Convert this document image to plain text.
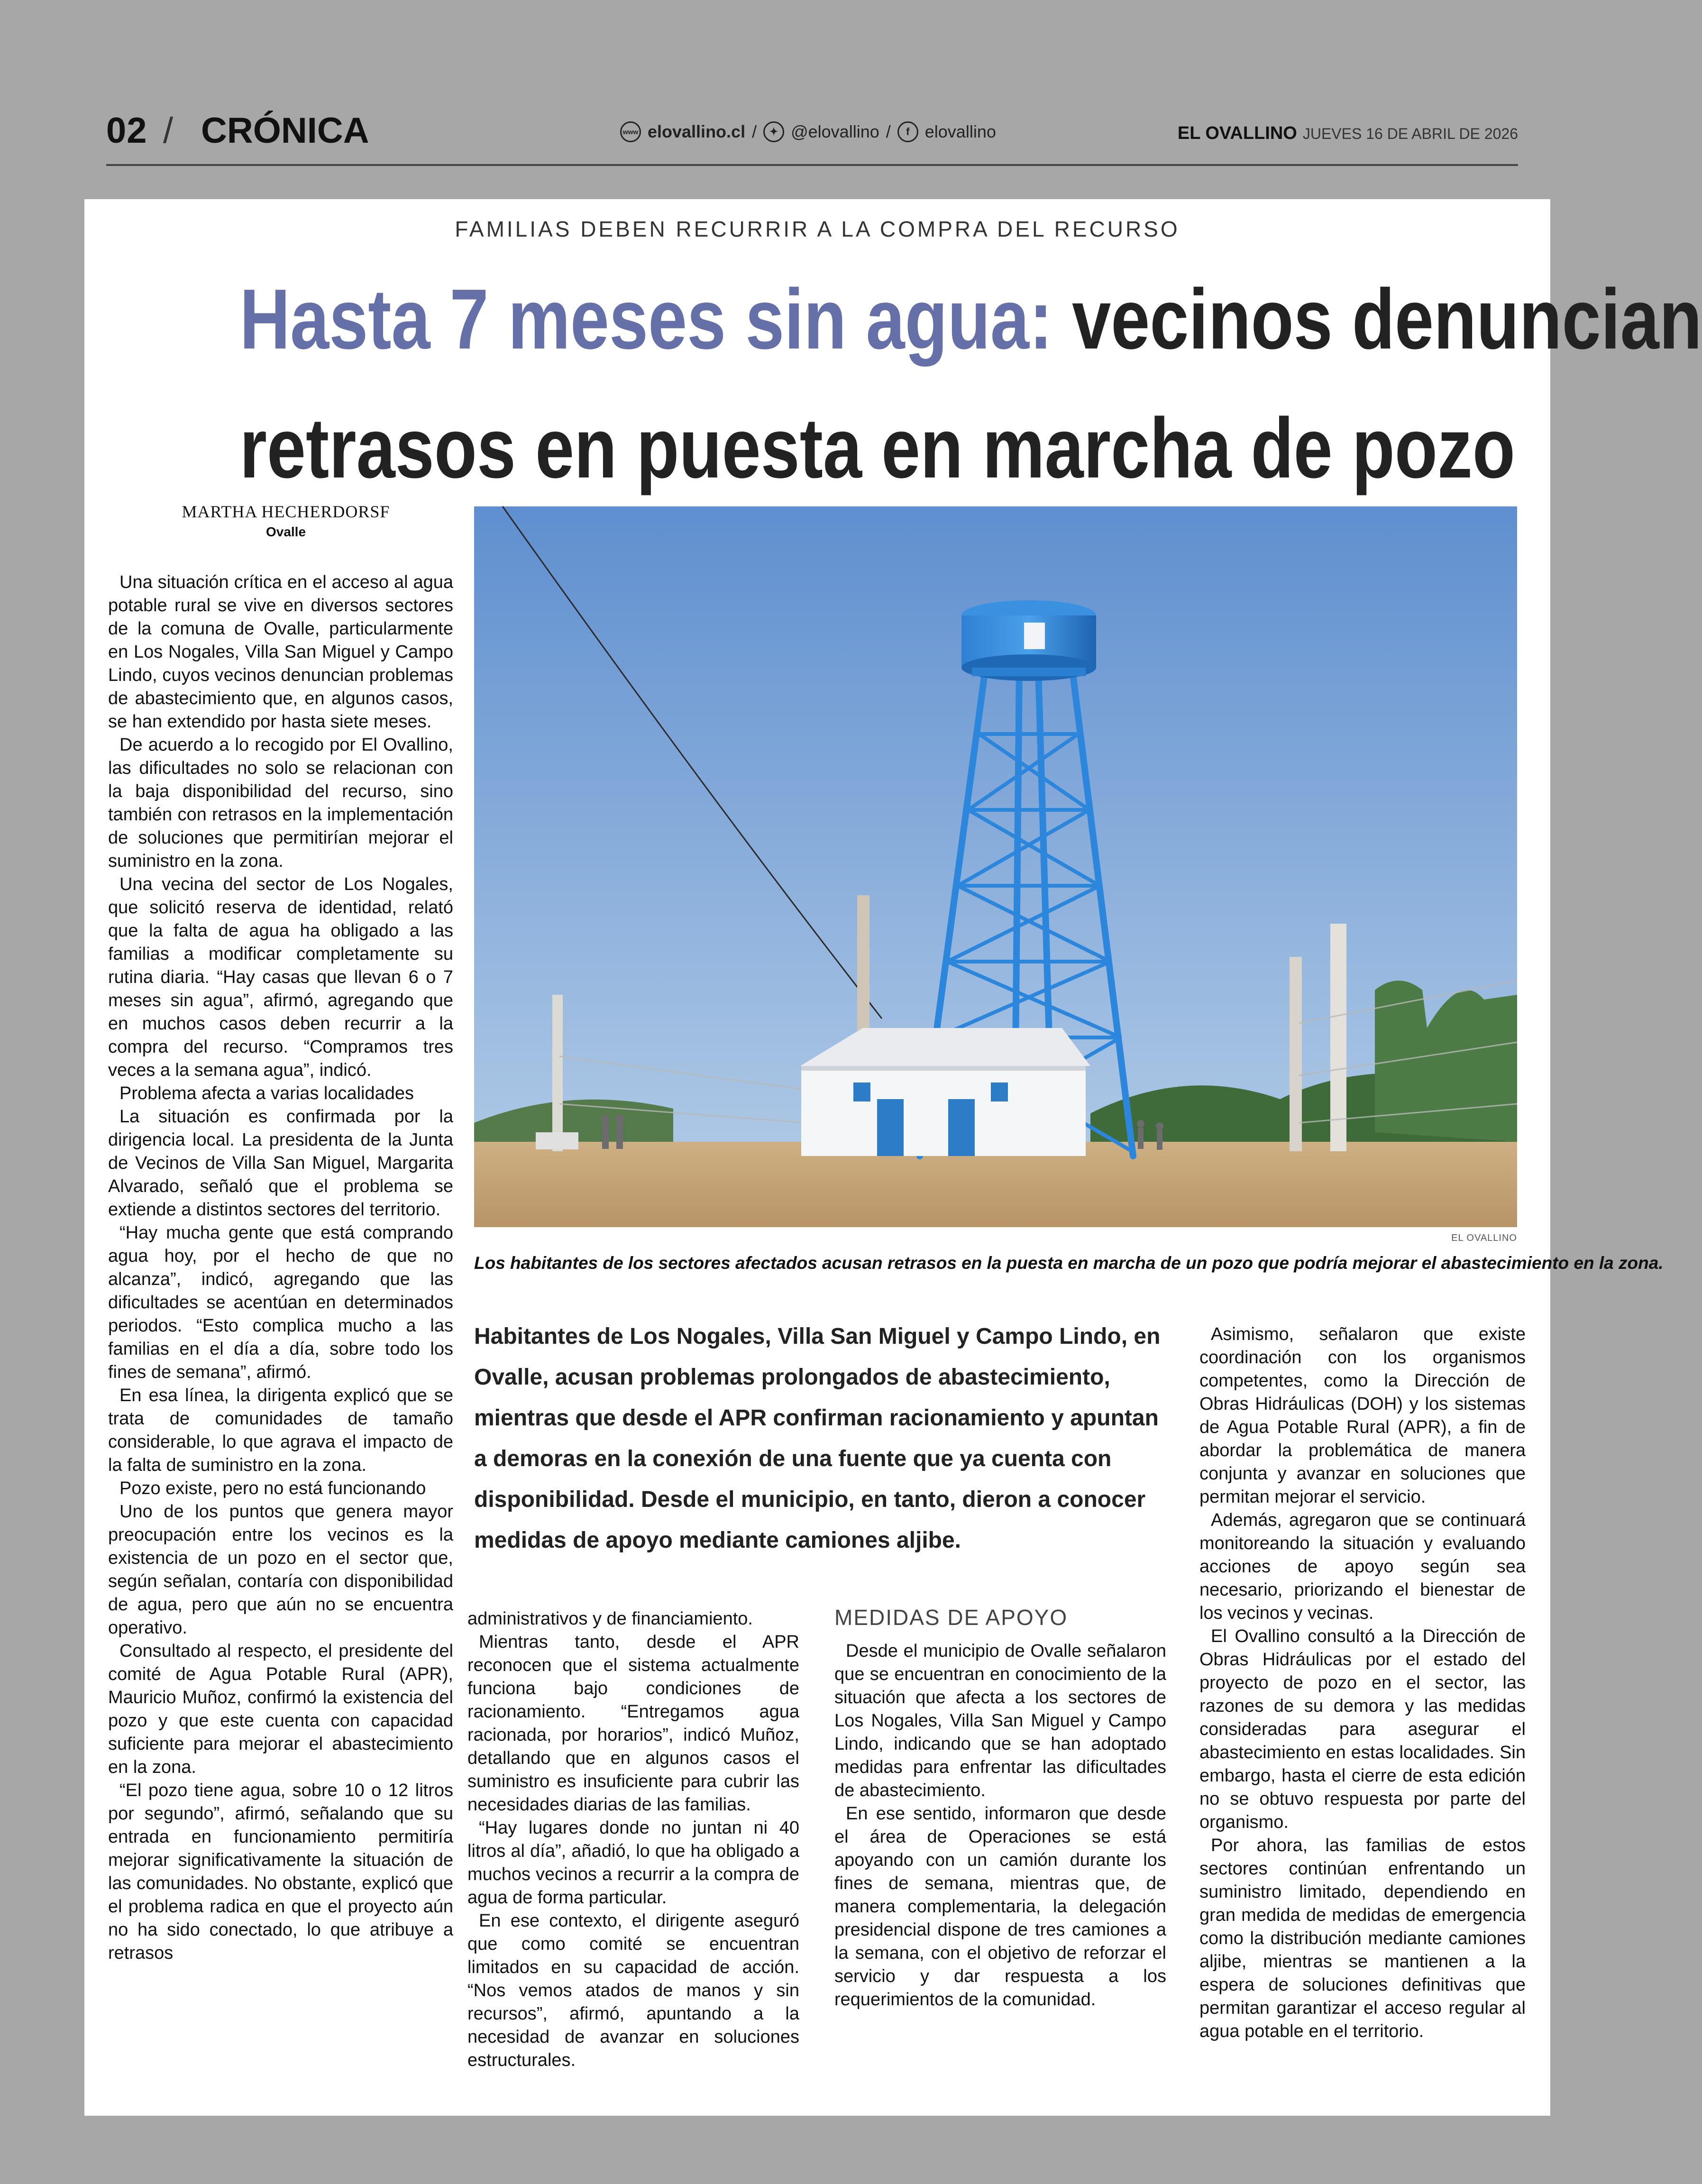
02 / CRÓNICA	www elovallino.cl /	✦ @elovallino /	f elovallino	EL OVALLINO JUEVES 16 DE ABRIL DE 2026
FAMILIAS DEBEN RECURRIR A LA COMPRA DEL RECURSO
Hasta 7 meses sin agua: vecinos denuncian
retrasos en puesta en marcha de pozo
MARTHA HECHERDORSF
Ovalle

Una situación crítica en el acceso al agua potable rural se vive en diversos sectores de la comuna de Ovalle, particularmente en Los Nogales, Villa San Miguel y Campo Lindo, cuyos vecinos denuncian problemas de abastecimiento que, en algunos casos, se han extendido por hasta siete meses.

De acuerdo a lo recogido por El Ovallino, las dificultades no solo se relacionan con la baja disponibilidad del recurso, sino también con retrasos en la implementación de soluciones que permitirían mejorar el suministro en la zona.

Una vecina del sector de Los Nogales, que solicitó reserva de identidad, relató que la falta de agua ha obligado a las familias a modificar completamente su rutina diaria. “Hay casas que llevan 6 o 7 meses sin agua”, afirmó, agregando que en muchos casos deben recurrir a la compra del recurso. “Compramos tres veces a la semana agua”, indicó.

Problema afecta a varias localidades

La situación es confirmada por la dirigencia local. La presidenta de la Junta de Vecinos de Villa San Miguel, Margarita Alvarado, señaló que el problema se extiende a distintos sectores del territorio.

“Hay mucha gente que está comprando agua hoy, por el hecho de que no alcanza”, indicó, agregando que las dificultades se acentúan en determinados periodos. “Esto complica mucho a las familias en el día a día, sobre todo los fines de semana”, afirmó.

En esa línea, la dirigenta explicó que se trata de comunidades de tamaño considerable, lo que agrava el impacto de la falta de suministro en la zona.

Pozo existe, pero no está funcionando

Uno de los puntos que genera mayor preocupación entre los vecinos es la existencia de un pozo en el sector que, según señalan, contaría con disponibilidad de agua, pero que aún no se encuentra operativo.

Consultado al respecto, el presidente del comité de Agua Potable Rural (APR), Mauricio Muñoz, confirmó la existencia del pozo y que este cuenta con capacidad suficiente para mejorar el abastecimiento en la zona.

“El pozo tiene agua, sobre 10 o 12 litros por segundo”, afirmó, señalando que su entrada en funcionamiento permitiría mejorar significativamente la situación de las comunidades. No obstante, explicó que el problema radica en que el proyecto aún no ha sido conectado, lo que atribuye a retrasos

EL OVALLINO
Los habitantes de los sectores afectados acusan retrasos en la puesta en marcha de un pozo que podría mejorar el abastecimiento en la zona.
Habitantes de Los Nogales, Villa San Miguel y Campo Lindo, en Ovalle, acusan problemas prolongados de abastecimiento, mientras que desde el APR confirman racionamiento y apuntan a demoras en la conexión de una fuente que ya cuenta con disponibilidad. Desde el municipio, en tanto, dieron a conocer medidas de apoyo mediante camiones aljibe.

administrativos y de financiamiento.

Mientras tanto, desde el APR reconocen que el sistema actualmente funciona bajo condiciones de racionamiento. “Entregamos agua racionada, por horarios”, indicó Muñoz, detallando que en algunos casos el suministro es insuficiente para cubrir las necesidades diarias de las familias.

“Hay lugares donde no juntan ni 40 litros al día”, añadió, lo que ha obligado a muchos vecinos a recurrir a la compra de agua de forma particular.

En ese contexto, el dirigente aseguró que como comité se encuentran limitados en su capacidad de acción. “Nos vemos atados de manos y sin recursos”, afirmó, apuntando a la necesidad de avanzar en soluciones estructurales.

MEDIDAS DE APOYO

Desde el municipio de Ovalle señalaron que se encuentran en conocimiento de la situación que afecta a los sectores de Los Nogales, Villa San Miguel y Campo Lindo, indicando que se han adoptado medidas para enfrentar las dificultades de abastecimiento.

En ese sentido, informaron que desde el área de Operaciones se está apoyando con un camión durante los fines de semana, mientras que, de manera complementaria, la delegación presidencial dispone de tres camiones a la semana, con el objetivo de reforzar el servicio y dar respuesta a los requerimientos de la comunidad.

Asimismo, señalaron que existe coordinación con los organismos competentes, como la Dirección de Obras Hidráulicas (DOH) y los sistemas de Agua Potable Rural (APR), a fin de abordar la problemática de manera conjunta y avanzar en soluciones que permitan mejorar el servicio.

Además, agregaron que se continuará monitoreando la situación y evaluando acciones de apoyo según sea necesario, priorizando el bienestar de los vecinos y vecinas.

El Ovallino consultó a la Dirección de Obras Hidráulicas por el estado del proyecto de pozo en el sector, las razones de su demora y las medidas consideradas para asegurar el abastecimiento en estas localidades. Sin embargo, hasta el cierre de esta edición no se obtuvo respuesta por parte del organismo.

Por ahora, las familias de estos sectores continúan enfrentando un suministro limitado, dependiendo en gran medida de medidas de emergencia como la distribución mediante camiones aljibe, mientras se mantienen a la espera de soluciones definitivas que permitan garantizar el acceso regular al agua potable en el territorio.
